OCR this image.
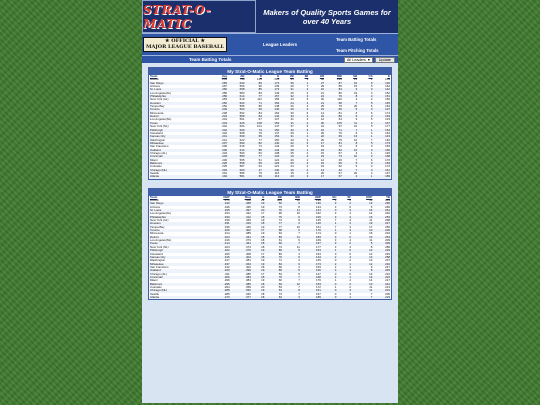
STRAT-O-MATIC
Makers of Quality Sports Games for over 40 Years
★ OFFICIAL ★
MAJOR LEAGUE BASEBALL	League Leaders
Team Batting Totals
Team Pitching Totals
Team Batting Totals	All Leaders ▾	Update
My Strat-O-Matic League Team Batting
Team	Avg	AB	R	H	2B	3B	HR	RBI	SB	CS	K
Boston	.263	736	144	216	45	2	30	139	13	2	189
San Diego	.265	633	89	173	36	1	27	87	10	9	136
Arizona	.267	566	90	139	29	7	29	85	15	5	164
St. Louis	.260	658	85	173	31	2	16	84	3	0	142
Los Angeles(AL)	.256	583	83	149	26	3	21	80	19	4	152
Philadelphia	.256	614	77	157	32	3	24	76	8	4	151
New York (AL)	.253	619	112	156	23	5	40	110	4	4	150
Houston	.252	603	71	152	24	4	21	68	7	5	145
Tampa Bay	.252	586	80	148	30	2	25	79	20	6	163
Toronto	.249	563	69	140	29	2	19	66	5	3	137
Minnesota	.248	652	84	162	30	6	14	81	6	6	174
Detroit	.244	589	84	144	33	4	24	80	6	3	163
Los Angeles(NL)	.244	561	67	137	31	3	12	64	9	5	123
Texas	.243	626	108	152	31	4	30	105	11	4	167
New York (NL)	.242	604	101	147	37	5	31	97	10	5	177
Pittsburgh	.242	609	73	150	30	3	16	71	7	1	154
Cleveland	.242	608	79	147	29	1	26	76	6	4	164
Kansas City	.241	639	69	154	31	2	22	69	13	1	143
Washington	.241	622	77	150	29	3	20	75	10	7	145
Milwaukee	.237	590	82	140	22	3	17	81	8	5	173
San Francisco	.236	615	74	144	30	3	19	72	5	0	153
Oakland	.235	614	85	144	28	1	23	84	16	3	166
Chicago (AL)	.234	590	60	138	25	2	15	57	4	1	145
Cincinnati	.233	580	77	134	19	4	23	74	10	3	168
Miami	.230	565	51	122	26	2	12	49	7	6	176
Baltimore	.226	558	65	126	25	3	15	65	5	0	153
Colorado	.225	587	64	121	24	4	19	62	9	4	172
Chicago (NL)	.203	603	47	140	26	2	14	42	7	3	161
Seattle	.201	586	79	115	15	2	20	67	20	4	167
Atlanta	.194	581	69	113	23	3	17	67	4	1	189
My Strat-O-Matic League Team Batting
Team	OBP	Slug	G	BB	IBB	HBP	SH	SF	GDP	TB
Boston	.373	.502	21	106	12	196	3	2	10	381
San Diego	.340	.468	19	60	9	136	3	2	13	296
Arizona	.346	.435	19	73	8	134	3	6	5	266
St. Louis	.335	.397	20	70	11	141	0	3	16	261
Los Angeles(AL)	.334	.422	17	90	10	152	3	4	14	246
Philadelphia	.330	.412	18	76	6	106	3	4	16	253
New York (AL)	.330	.425	19	74	8	145	7	4	11	298
Houston	.331	.419	18	77	3	140	1	4	19	247
Tampa Bay	.336	.440	19	77	10	161	7	3	17	250
Toronto	.326	.402	17	68	6	170	1	3	10	226
Minnesota	.314	.389	19	63	7	174	0	1	15	234
Detroit	.324	.431	18	83	11	183	3	0	13	254
Los Angeles(NL)	.316	.373	18	61	9	169	3	4	11	209
Texas	.314	.461	18	66	7	167	3	0	5	309
New York (NL)	.324	.474	18	74	11	177	3	4	8	286
Pittsburgh	.322	.376	19	80	5	154	1	0	13	229
Cleveland	.326	.408	17	83	4	164	0	6	12	245
Kansas City	.316	.404	18	70	9	143	2	4	13	258
Washington	.317	.381	19	71	3	145	0	2	13	237
Milwaukee	.337	.364	19	84	9	173	2	1	12	232
San Francisco	.312	.402	18	69	4	153	2	4	9	247
Oakland	.320	.399	19	80	5	166	3	1	8	245
Chicago (AL)	.311	.385	17	53	5	147	0	0	13	216
Cincinnati	.306	.383	18	70	7	168	2	1	13	222
Miami	.296	.384	19	60	7	176	1	4	14	217
Baltimore	.295	.386	18	60	12	153	0	2	10	242
Colorado	.294	.359	20	53	7	172	1	2	11	213
Chicago (NL)	.288	.352	19	64	8	161	0	3	11	201
Seattle	.285	.340	18	73	7	167	0	3	7	200
Atlanta	.273	.377	18	63	3	189	0	1	7	219
